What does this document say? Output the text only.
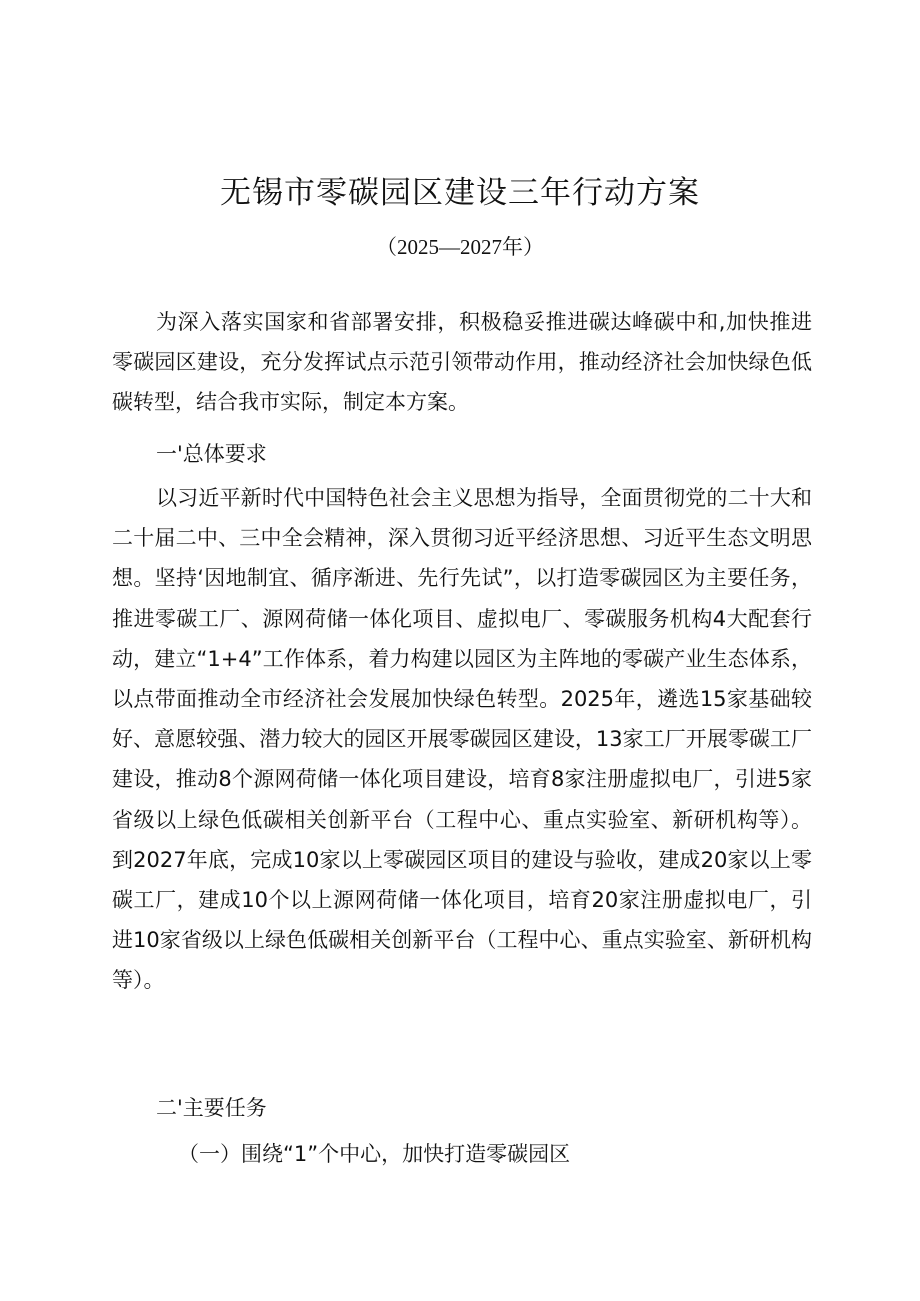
无锡市零碳园区建设三年行动方案
（2025—2027年）

为深入落实国家和省部署安排，积极稳妥推进碳达峰碳中和,加快推进零碳园区建设，充分发挥试点示范引领带动作用，推动经济社会加快绿色低碳转型，结合我市实际，制定本方案。

一'总体要求

以习近平新时代中国特色社会主义思想为指导，全面贯彻党的二十大和二十届二中、三中全会精神，深入贯彻习近平经济思想、习近平生态文明思想。坚持‘因地制宜、循序渐进、先行先试”，以打造零碳园区为主要任务，推进零碳工厂、源网荷储一体化项目、虚拟电厂、零碳服务机构4大配套行动，建立“1+4”工作体系，着力构建以园区为主阵地的零碳产业生态体系，以点带面推动全市经济社会发展加快绿色转型。2025年，遴选15家基础较好、意愿较强、潜力较大的园区开展零碳园区建设，13家工厂开展零碳工厂建设，推动8个源网荷储一体化项目建设，培育8家注册虚拟电厂，引进5家省级以上绿色低碳相关创新平台（工程中心、重点实验室、新研机构等）。到2027年底，完成10家以上零碳园区项目的建设与验收，建成20家以上零碳工厂，建成10个以上源网荷储一体化项目，培育20家注册虚拟电厂，引进10家省级以上绿色低碳相关创新平台（工程中心、重点实验室、新研机构等）。

二'主要任务

（一）围绕“1”个中心，加快打造零碳园区
